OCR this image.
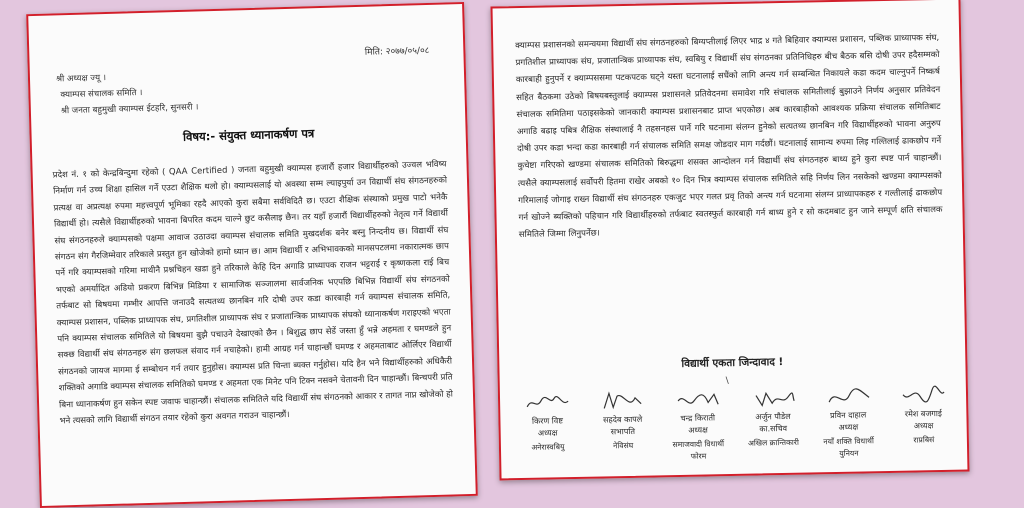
मिति: २०७७/०५/०८
श्री अध्यक्ष ज्यू ।
क्याम्पस संचालक समिति ।
श्री जनता बहुमुखी क्याम्पस ईटहरि, सुनसरी ।
विषय:- संयुक्त ध्यानाकर्षण पत्र

प्रदेश नं. १ को केन्द्रबिन्दुमा रहेको ( QAA Certified ) जनता बहुमुखी क्याम्पस हजारौं हजार विद्यार्थीहरुको उज्वल भविष्य निर्माण गर्न उच्च शिक्षा हासिल गर्ने एउटा शैक्षिक थलो हो। क्याम्पसलाई यो अवस्था सम्म ल्याइपुर्या उन विद्यार्थी संघ संगठनहरुको प्रत्यक्ष वा अप्रत्यक्ष रुपमा महत्त्वपूर्ण भूमिका रहदै आएको कुरा सबैमा सर्वविदितै छ। एउटा शैक्षिक संस्थाको प्रमुख पाटो भनेकै विद्यार्थी हो। त्यसैले विद्यार्थीहरुको भावना बिपरित कदम चाल्ने छुट कसैलाइ छैन। तर यहाँ हजारौं विद्यार्थीहरुको नेतृत्व गर्ने विद्यार्थी संघ संगठनहरुले क्याम्पसको पक्षमा आवाज उठाउदा क्याम्पस संचालक समिति मुखदर्शक बनेर बस्नु निन्दनीय छ। विद्यार्थी संघ संगठन संग गैरजिम्मेवार तरिकाले प्रस्तुत हुन खोजेको हामो ध्यान छ। आम विद्यार्थी र अभिभावकको मानसपटलमा नकारात्मक छाप पर्ने गरि क्याम्पसको गरिमा माथीनै प्रश्नचिहन खडा हुने तरिकाले केहि दिन अगाडि प्राध्यापक राजन भट्टराई र कृष्णकला राई बिच भएको अमर्यादित अडियो प्रकरण बिभिन्न मिडिया र सामाजिक सञ्जालमा सार्वजनिक भएपछि बिभिन्न विद्यार्थी संघ संगठनको तर्फबाट सो बिषयमा गम्भीर आपत्ति जनाउदै सत्यतथ्य छानबिन गरि दोषी उपर कडा कारबाही गर्न क्याम्पस संचालक समिति, क्याम्पस प्रशासन, पब्लिक प्राध्यापक संघ, प्रगतिशील प्राध्यापक संघ र प्रजातान्त्रिक प्राध्यापक संघको ध्यानाकर्षण गराइएको भएता पनि क्याम्पस संचालक समितिले यो बिषयमा बुझै पचाउने देखाएको छैन । बिशुद्ध छाप सेडें जस्ता हुँ भन्ने अहमता र घमण्डले हुन सक्छ विद्यार्थी संघ संगठनहरु संग छलफल संवाद गर्न नचाहेको। हामी आग्रह गर्न चाहान्छौं घमण्ड र अहमताबाट ओर्लिएर विद्यार्थी संगठनको जायज मागमा ई सम्बोधन गर्न तयार हुनुहोस। क्याम्पस प्रति चिन्ता ब्यक्त गर्नुहोस। यदि हैन भने विद्यार्थीहरुको अधिकैरी शक्तिको अगाडि क्याम्पस संचालक समितिको घमण्ड र अहमता एक मिनेट पनि टिक्न नसक्ने चेतावनी दिन चाहान्छौं। बिन्चपरी प्रति बिना ध्यानाकर्षण हुन सकेन स्पष्ट जवाफ चाहान्छौं। संचालक समितिले यदि विद्यार्थी संघ संगठनको आकार र तागत नाप्न खोजेको हो भने त्यसको लागि विद्यार्थी संगठन तयार रहेको कुरा अवगत गराउन चाहान्छौं।

क्याम्पस प्रशासनको समन्वयमा विद्यार्थी संघ संगठनहरुको बिग्यप्तीलाई लिएर भाद्र ४ गते बिहिवार क्याम्पस प्रशासन, पब्लिक प्राध्यापक संघ, प्रगतिशील प्राध्यापक संघ, प्रजातान्त्रिक प्राध्यापक संघ, स्वबियु र विद्यार्थी संघ संगठनका प्रतिनिधिहरु बीच बैठक बसि दोषी उपर हदैसम्मको कारबाही हुनुपर्ने र क्याम्पससमा पटकपटक घट्ने यस्ता घटनालाई सधैंको लागि अन्त्य गर्न सम्बन्धित निकायले कडा कदम चाल्नुपर्ने निष्कर्ष सहित बैठकमा उठेको बिषयबस्तुलाई क्याम्पस प्रशासनले प्रतिवेदनमा समावेश गरि संचालक समितीलाई बुझाउने निर्णय अनुसार प्रतिवेदन संचालक समितिमा पठाइसकेको जानकारी क्याम्पस प्रशासनबाट प्राप्त भएकोछ। अब कारबाहीको आवश्यक प्रक्रिया संचालक समितिबाट अगाडि बढाइ पबित्र शैक्षिक संस्थालाई नै तहसनहस पार्ने गरि घटनामा संलग्न हुनेको सत्यतथ्य छानबिन गरि विद्यार्थीहरुको भावना अनुरुप दोषी उपर कडा भन्दा कडा कारबाही गर्न संचालक समिति समक्ष जोडदार माग गर्दछौं। घटनालाई सामान्य रुपमा लिइ गल्तिलाई ढाकछोप गर्ने कुचेष्टा गरिएको खण्डमा संचालक समितिको बिरुद्धमा शसक्त आन्दोलन गर्न विद्यार्थी संघ संगठनहरु बाध्य हुने कुरा स्पष्ट पार्न चाहान्छौं। त्यसैले क्याम्पसलाई सर्वोपरी हितमा राखेर अबको १० दिन भित्र क्याम्पस संचालक समितिले सहि निर्णय लिन नसकेको खण्डमा क्याम्पसको गरिमालाई जोगाइ राख्न विद्यार्थी संघ संगठनहरु एकजुट भएर गलत प्रवृ तिको अन्त्य गर्न घटनामा संलग्न प्राध्यापकहरु र गल्तीलाई ढाकछोप गर्न खोज्ने ब्यक्तिको पहिचान गरि विद्यार्थीहरुको तर्फबाट स्वतस्फुर्त कारबाही गर्न बाध्य हुने र सो कदमबाट हुन जाने सम्पूर्ण क्षति संचालक समितिले जिम्मा लिनुपर्नेछ।

विद्यार्थी एकता जिन्दावाद !
\
किरण विष्ट
अध्यक्ष
अनेरास्वबियु
सहदेब कापले
सभापति
नेविसंघ
चन्द्र किराती
अध्यक्ष
समाजवादी विधार्थी फोरम
अर्जुन पौडेल
का.सचिव
अखिल क्रान्तिकारी
प्रविन दाहाल
अध्यक्ष
नयाँ शक्ति विधार्थी युनियन
रमेश बजगाई
अध्यक्ष
राप्रबिसं
